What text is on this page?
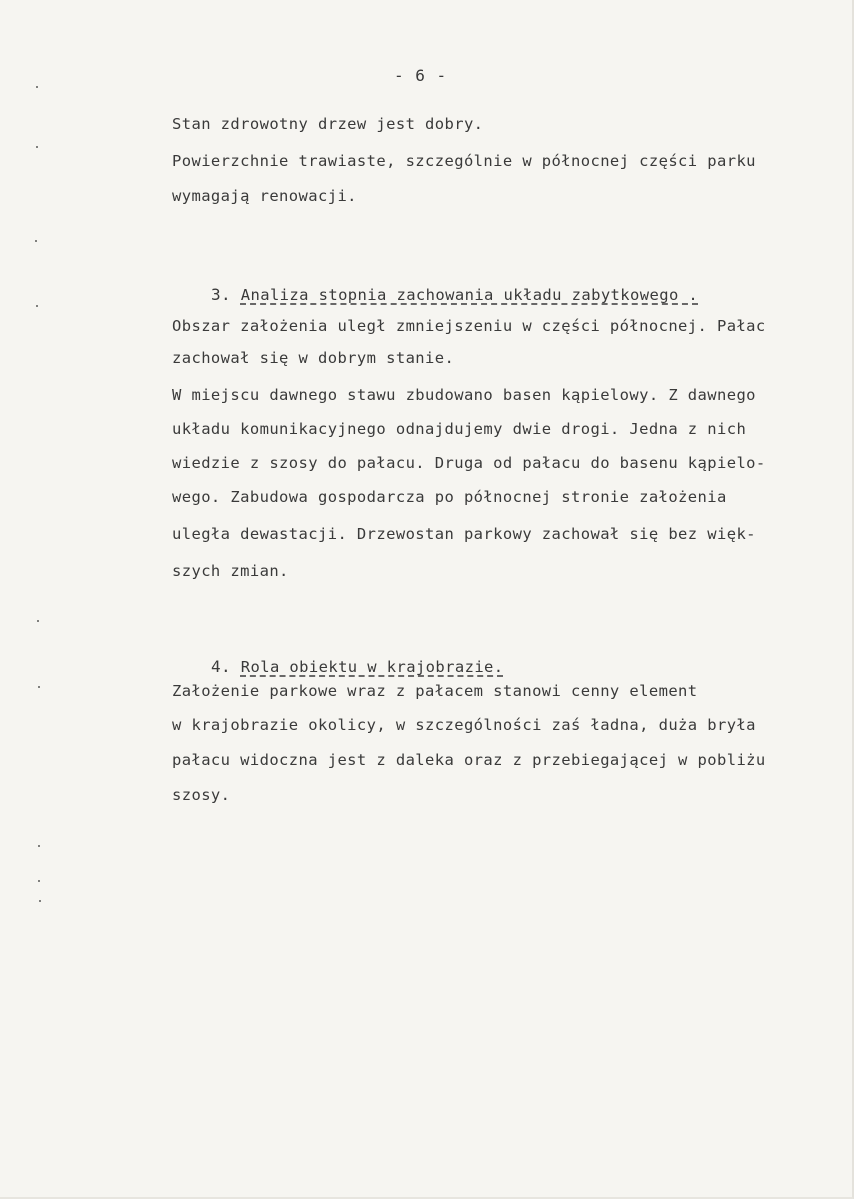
- 6 -
Stan zdrowotny drzew jest dobry.
Powierzchnie trawiaste, szczególnie w północnej części parku
wymagają renowacji.

3. Analiza stopnia zachowania układu zabytkowego .

Obszar założenia uległ zmniejszeniu w części północnej. Pałac
zachował się w dobrym stanie.
W miejscu dawnego stawu zbudowano basen kąpielowy. Z dawnego
układu komunikacyjnego odnajdujemy dwie drogi. Jedna z nich
wiedzie z szosy do pałacu. Druga od pałacu do basenu kąpielo-
wego. Zabudowa gospodarcza po północnej stronie założenia
uległa dewastacji. Drzewostan parkowy zachował się bez więk-
szych zmian.

4. Rola obiektu w krajobrazie.

Założenie parkowe wraz z pałacem stanowi cenny element
w krajobrazie okolicy, w szczególności zaś ładna, duża bryła
pałacu widoczna jest z daleka oraz z przebiegającej w pobliżu
szosy.
